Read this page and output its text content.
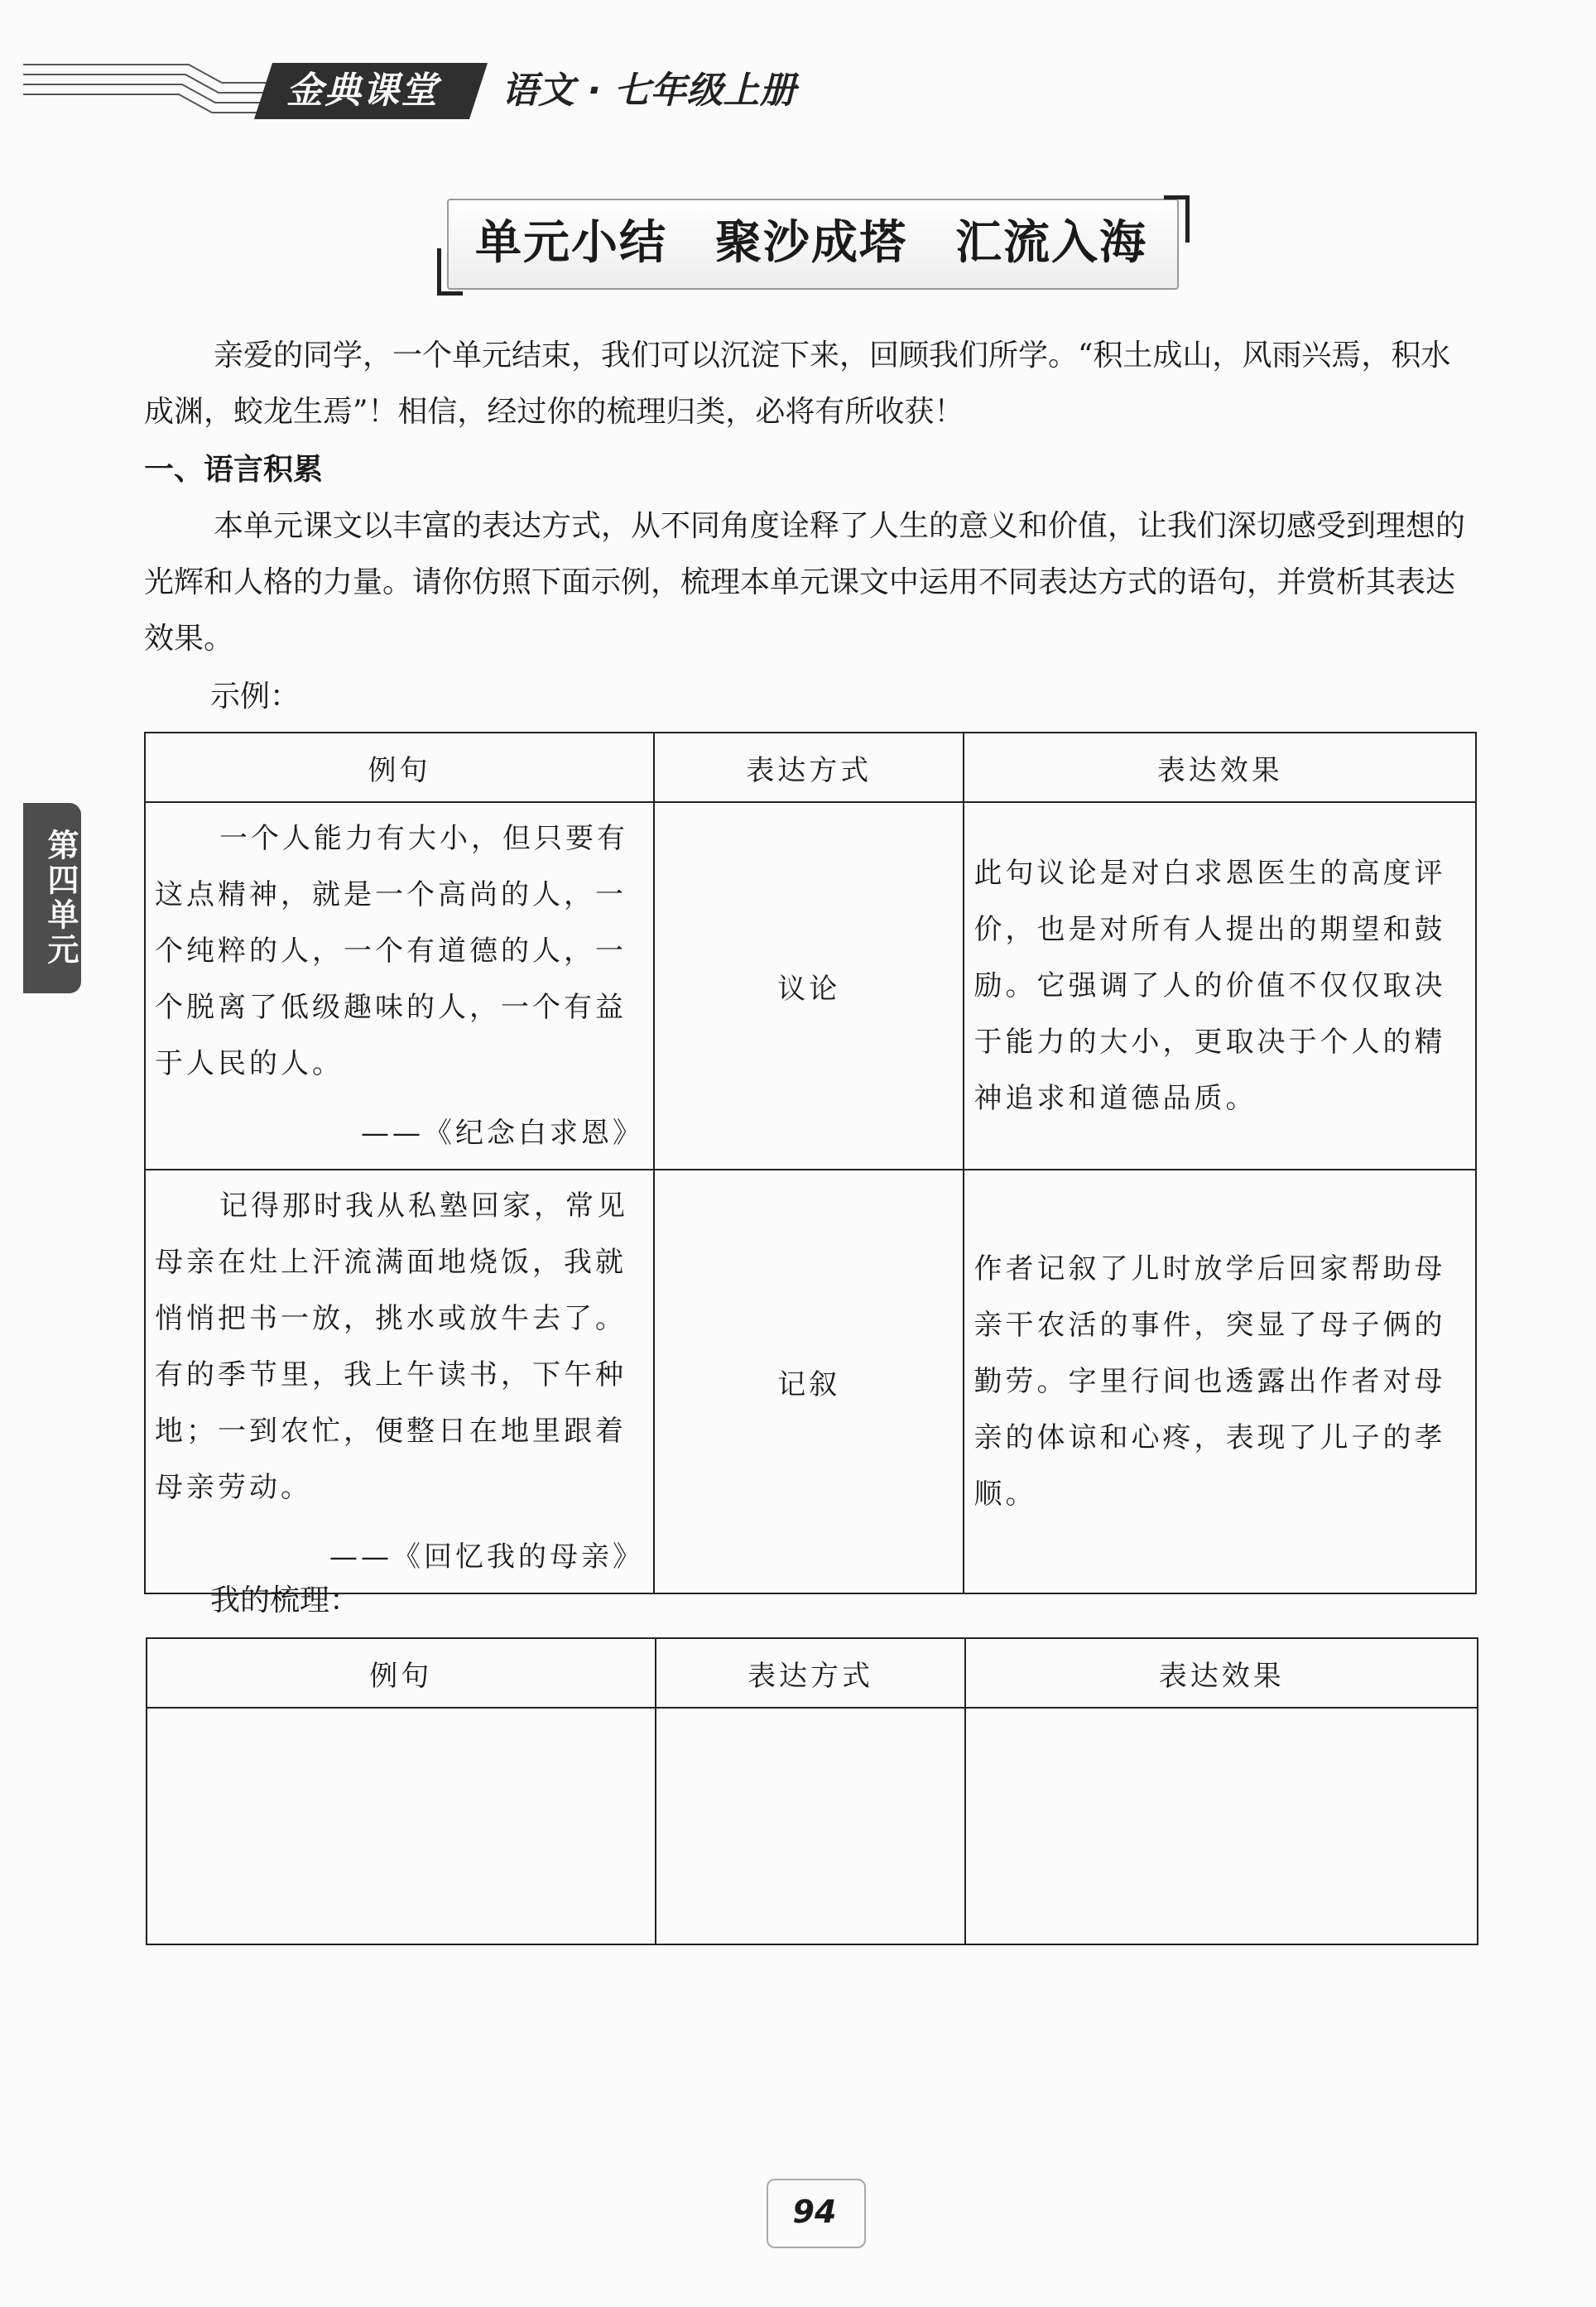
金典课堂 语文 · 七年级上册
单元小结　聚沙成塔　汇流入海
第四单元
亲爱的同学，一个单元结束，我们可以沉淀下来，回顾我们所学。“积土成山，风雨兴焉，积水成渊，蛟龙生焉”！相信，经过你的梳理归类，必将有所收获！
一、语言积累
本单元课文以丰富的表达方式，从不同角度诠释了人生的意义和价值，让我们深切感受到理想的光辉和人格的力量。请你仿照下面示例，梳理本单元课文中运用不同表达方式的语句，并赏析其表达效果。
示例：
例句	表达方式	表达效果

一个人能力有大小，但只要有这点精神，就是一个高尚的人，一个纯粹的人，一个有道德的人，一个脱离了低级趣味的人，一个有益于人民的人。
——《纪念白求恩》	议论	此句议论是对白求恩医生的高度评价，也是对所有人提出的期望和鼓励。它强调了人的价值不仅仅取决于能力的大小，更取决于个人的精神追求和道德品质。

记得那时我从私塾回家，常见母亲在灶上汗流满面地烧饭，我就悄悄把书一放，挑水或放牛去了。有的季节里，我上午读书，下午种地；一到农忙，便整日在地里跟着母亲劳动。
——《回忆我的母亲》	记叙	作者记叙了儿时放学后回家帮助母亲干农活的事件，突显了母子俩的勤劳。字里行间也透露出作者对母亲的体谅和心疼，表现了儿子的孝顺。
我的梳理：
例句	表达方式	表达效果

94
